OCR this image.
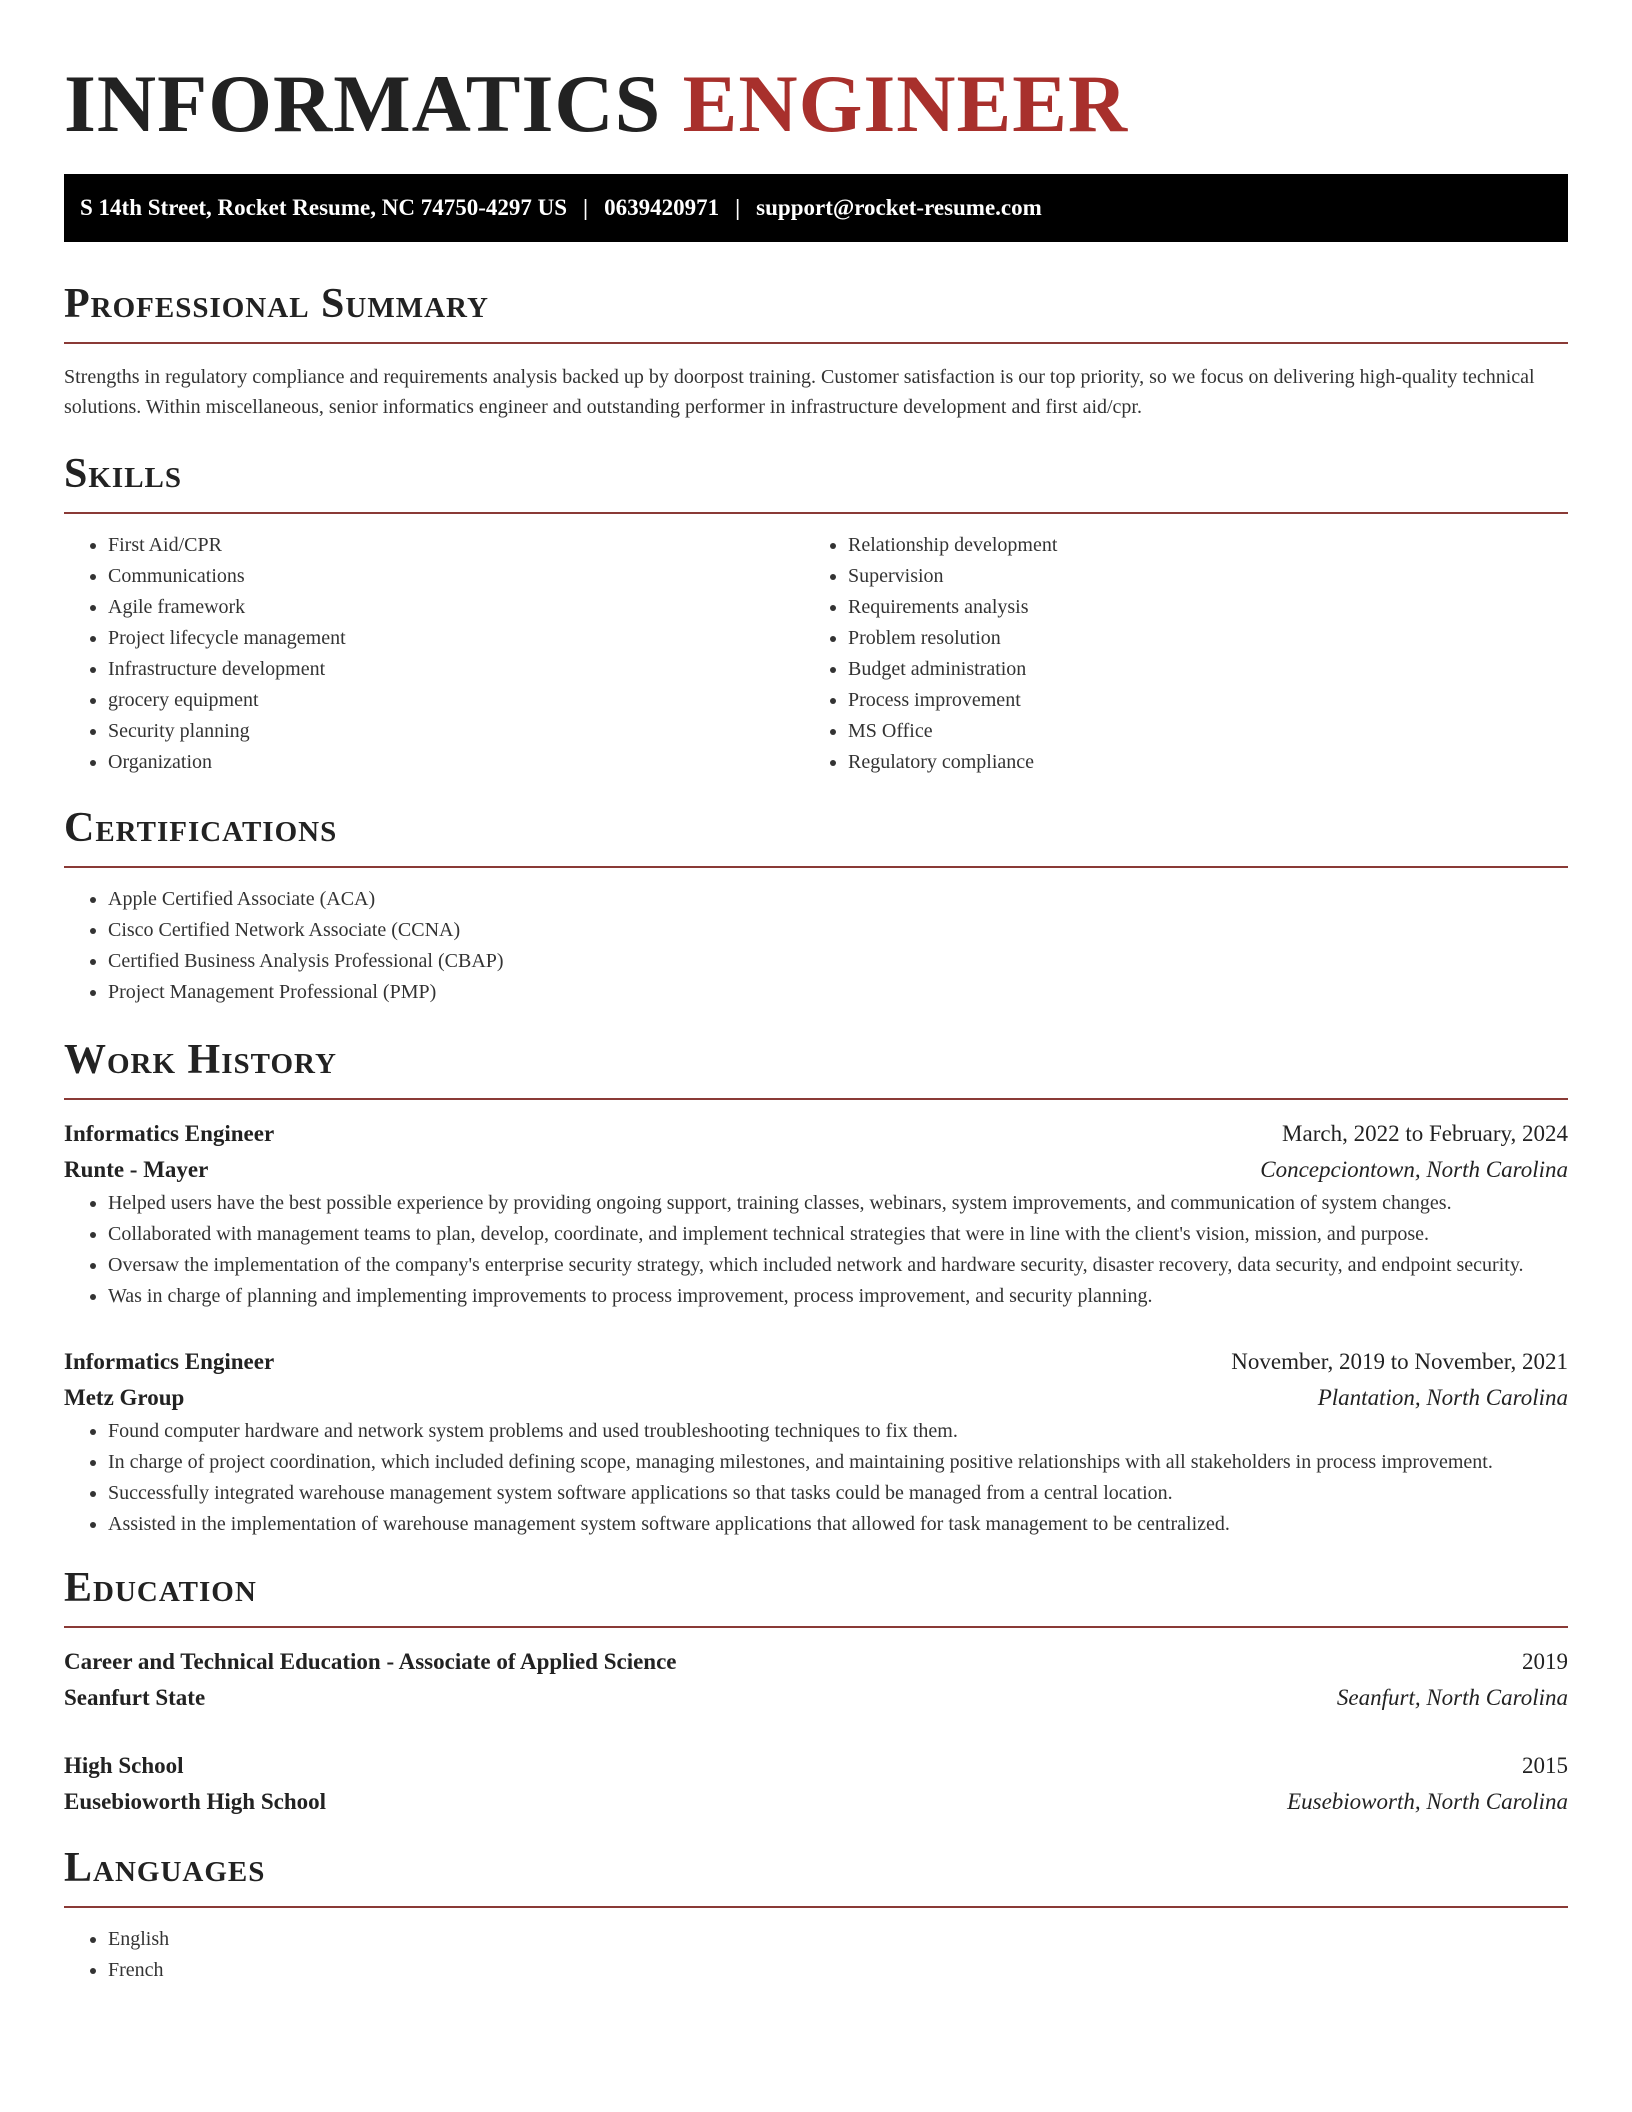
INFORMATICS ENGINEER
S 14th Street, Rocket Resume, NC 74750-4297 US | 0639420971 | support@rocket-resume.com
Professional Summary

Strengths in regulatory compliance and requirements analysis backed up by doorpost training. Customer satisfaction is our top priority, so we focus on delivering high-quality technical solutions. Within miscellaneous, senior informatics engineer and outstanding performer in infrastructure development and first aid/cpr.

Skills
• First Aid/CPR
• Communications
• Agile framework
• Project lifecycle management
• Infrastructure development
• grocery equipment
• Security planning
• Organization
• Relationship development
• Supervision
• Requirements analysis
• Problem resolution
• Budget administration
• Process improvement
• MS Office
• Regulatory compliance
Certifications
• Apple Certified Associate (ACA)
• Cisco Certified Network Associate (CCNA)
• Certified Business Analysis Professional (CBAP)
• Project Management Professional (PMP)
Work History
Informatics Engineer	March, 2022 to February, 2024
Runte - Mayer	Concepciontown, North Carolina
• Helped users have the best possible experience by providing ongoing support, training classes, webinars, system improvements, and communication of system changes.
• Collaborated with management teams to plan, develop, coordinate, and implement technical strategies that were in line with the client's vision, mission, and purpose.
• Oversaw the implementation of the company's enterprise security strategy, which included network and hardware security, disaster recovery, data security, and endpoint security.
• Was in charge of planning and implementing improvements to process improvement, process improvement, and security planning.
Informatics Engineer	November, 2019 to November, 2021
Metz Group	Plantation, North Carolina
• Found computer hardware and network system problems and used troubleshooting techniques to fix them.
• In charge of project coordination, which included defining scope, managing milestones, and maintaining positive relationships with all stakeholders in process improvement.
• Successfully integrated warehouse management system software applications so that tasks could be managed from a central location.
• Assisted in the implementation of warehouse management system software applications that allowed for task management to be centralized.
Education
Career and Technical Education - Associate of Applied Science	2019
Seanfurt State	Seanfurt, North Carolina
High School	2015
Eusebioworth High School	Eusebioworth, North Carolina
Languages
• English
• French
